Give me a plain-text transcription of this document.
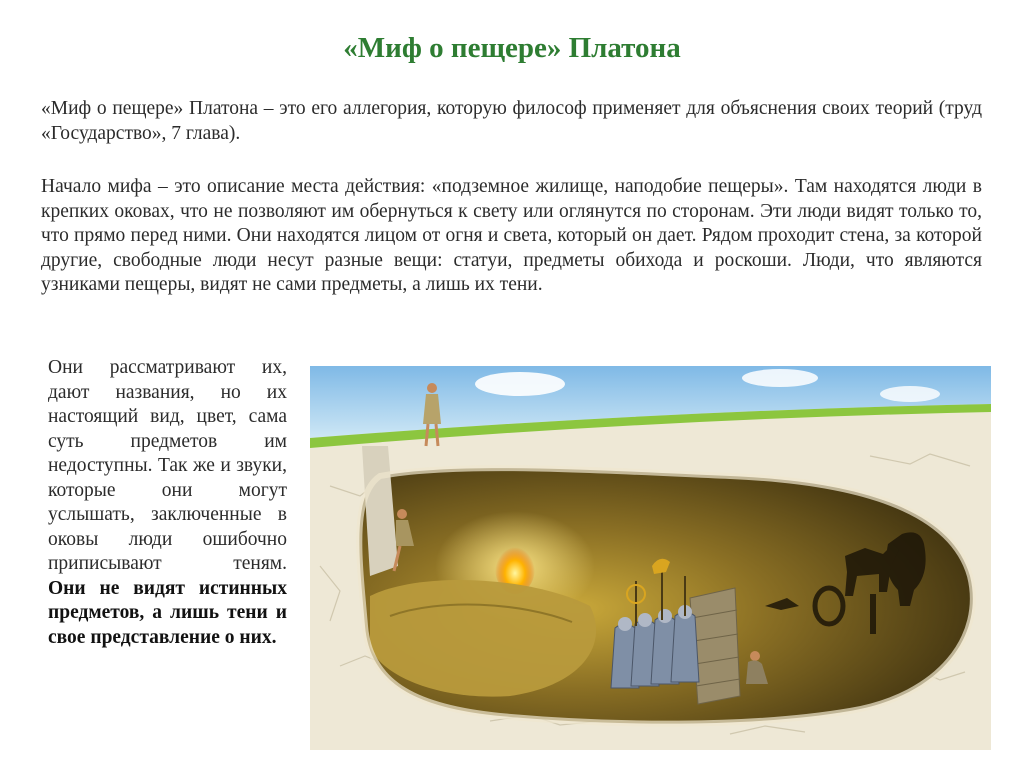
«Миф о пещере» Платона

«Миф о пещере» Платона – это его аллегория, которую философ применяет для объяснения своих теорий (труд «Государство», 7 глава).

Начало мифа – это описание места действия: «подземное жилище, наподобие пещеры». Там находятся люди в крепких оковах, что не позволяют им обернуться к свету или оглянутся по сторонам. Эти люди видят только то, что прямо перед ними. Они находятся лицом от огня и света, который он дает. Рядом проходит стена, за которой другие, свободные люди несут разные вещи: статуи, предметы обихода и роскоши. Люди, что являются узниками пещеры, видят не сами предметы, а лишь их тени.

Они рассматривают их, дают названия, но их настоящий вид, цвет, сама суть предметов им недоступны. Так же и звуки, которые они могут услышать, заключенные в оковы люди ошибочно приписывают теням.

Они не видят истинных предметов, а лишь тени и свое представление о них.
